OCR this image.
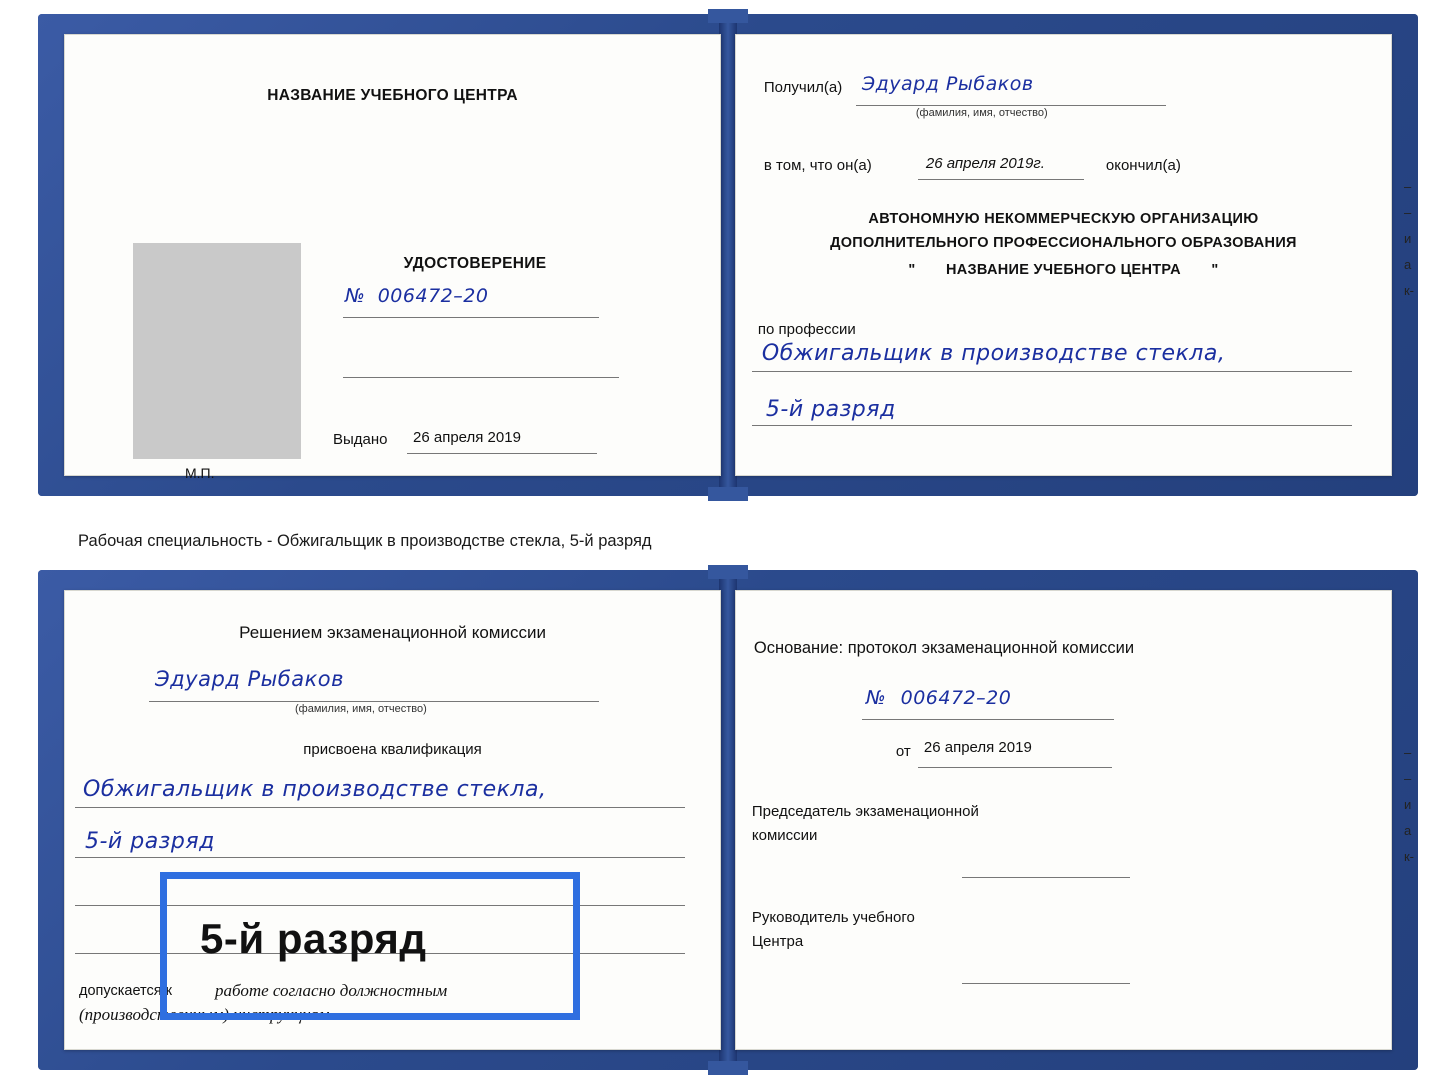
НАЗВАНИЕ УЧЕБНОГО ЦЕНТРА
УДОСТОВЕРЕНИЕ
№ 006472–20
Выдано 26 апреля 2019
М.П.
Получил(а) Эдуард Рыбаков
(фамилия, имя, отчество)
в том, что он(а)	26 апреля 2019г.	окончил(а)
АВТОНОМНУЮ НЕКОММЕРЧЕСКУЮ ОРГАНИЗАЦИЮ
ДОПОЛНИТЕЛЬНОГО ПРОФЕССИОНАЛЬНОГО ОБРАЗОВАНИЯ
" НАЗВАНИЕ УЧЕБНОГО ЦЕНТРА "
по профессии
Обжигальщик в производстве стекла,
5-й разряд
–
–
и
а
к-
Рабочая специальность - Обжигальщик в производстве стекла, 5-й разряд
Решением экзаменационной комиссии
Эдуард Рыбаков
(фамилия, имя, отчество)
присвоена квалификация
Обжигальщик в производстве стекла,
5-й разряд
допускается к	работе согласно должностным
(производственным) инструкциям
Основание: протокол экзаменационной комиссии
№ 006472–20
от 26 апреля 2019
Председатель экзаменационной
комиссии
Руководитель учебного
Центра
–
–
и
а
к-
5-й разряд
